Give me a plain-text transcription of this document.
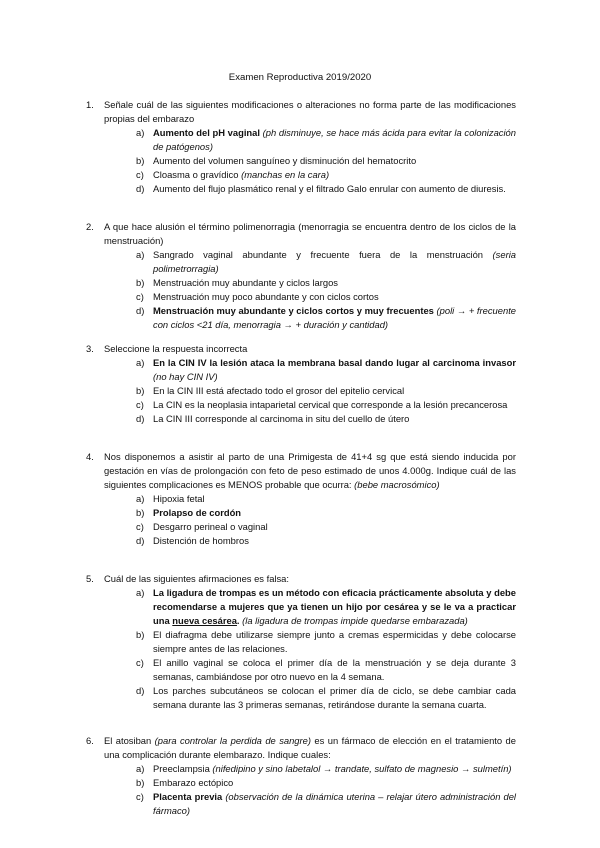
Examen Reproductiva 2019/2020
1. Señale cuál de las siguientes modificaciones o alteraciones no forma parte de las modificaciones propias del embarazo
a) Aumento del pH vaginal (ph disminuye, se hace más ácida para evitar la colonización de patógenos)
b) Aumento del volumen sanguíneo y disminución del hematocrito
c) Cloasma o gravídico (manchas en la cara)
d) Aumento del flujo plasmático renal y el filtrado Galo enrular con aumento de diuresis.
2. A que hace alusión el término polimenorragia (menorragia se encuentra dentro de los ciclos de la menstruación)
a) Sangrado vaginal abundante y frecuente fuera de la menstruación (seria polimetrorragia)
b) Menstruación muy abundante y ciclos largos
c) Menstruación muy poco abundante y con ciclos cortos
d) Menstruación muy abundante y ciclos cortos y muy frecuentes (poli → + frecuente con ciclos <21 día, menorragia → + duración y cantidad)
3. Seleccione la respuesta incorrecta
a) En la CIN IV la lesión ataca la membrana basal dando lugar al carcinoma invasor (no hay CIN IV)
b) En la CIN III está afectado todo el grosor del epitelio cervical
c) La CIN es la neoplasia intaparietal cervical que corresponde a la lesión precancerosa
d) La CIN III corresponde al carcinoma in situ del cuello de útero
4. Nos disponemos a asistir al parto de una Primigesta de 41+4 sg que está siendo inducida por gestación en vías de prolongación con feto de peso estimado de unos 4.000g. Indique cuál de las siguientes complicaciones es MENOS probable que ocurra: (bebe macrosómico)
a) Hipoxia fetal
b) Prolapso de cordón
c) Desgarro perineal o vaginal
d) Distención de hombros
5. Cuál de las siguientes afirmaciones es falsa:
a) La ligadura de trompas es un método con eficacia prácticamente absoluta y debe recomendarse a mujeres que ya tienen un hijo por cesárea y se le va a practicar una nueva cesárea. (la ligadura de trompas impide quedarse embarazada)
b) El diafragma debe utilizarse siempre junto a cremas espermicidas y debe colocarse siempre antes de las relaciones.
c) El anillo vaginal se coloca el primer día de la menstruación y se deja durante 3 semanas, cambiándose por otro nuevo en la 4 semana.
d) Los parches subcutáneos se colocan el primer día de ciclo, se debe cambiar cada semana durante las 3 primeras semanas, retirándose durante la semana cuarta.
6. El atosiban (para controlar la perdida de sangre) es un fármaco de elección en el tratamiento de una complicación durante elembarazo. Indique cuales:
a) Preeclampsia (nifedipino y sino labetalol → trandate, sulfato de magnesio → sulmetín)
b) Embarazo ectópico
c) Placenta previa (observación de la dinámica uterina – relajar útero administración del fármaco)
